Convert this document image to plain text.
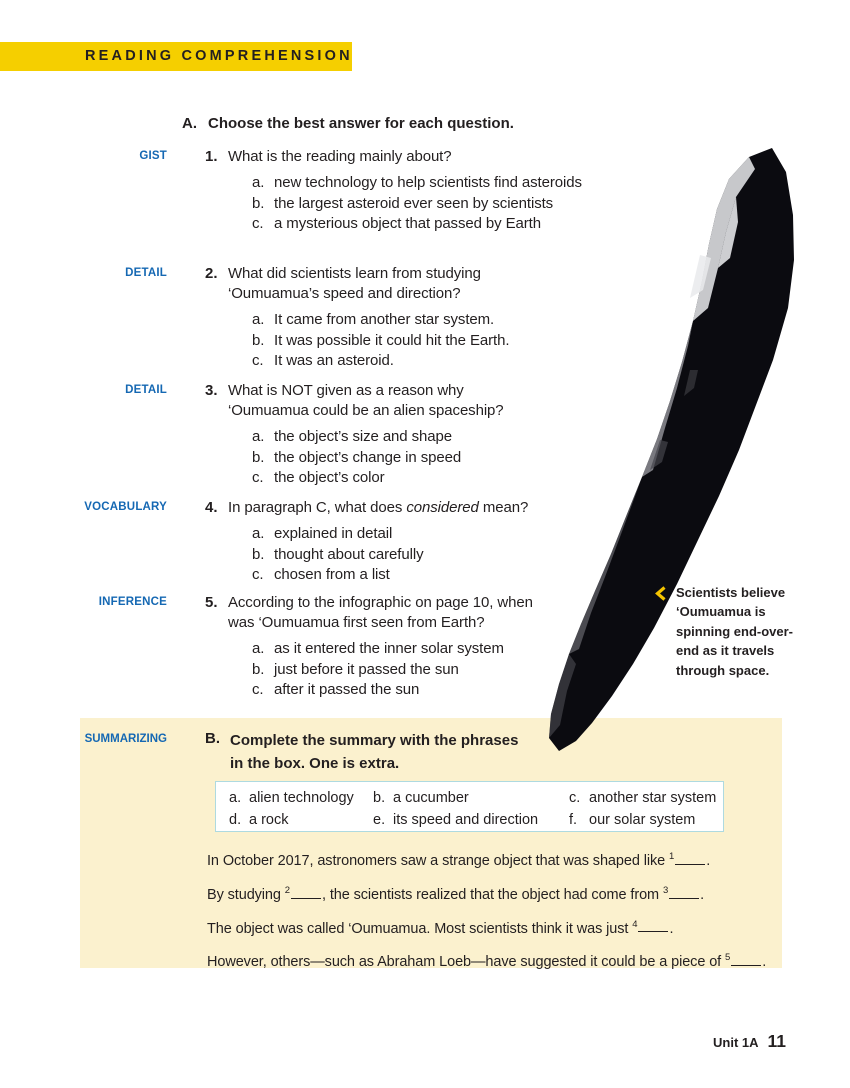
READING COMPREHENSION
A. Choose the best answer for each question.
GIST	1. What is the reading mainly about?
a. new technology to help scientists find asteroids
b. the largest asteroid ever seen by scientists
c. a mysterious object that passed by Earth
DETAIL	2. What did scientists learn from studying ‘Oumuamua’s speed and direction?
a. It came from another star system.
b. It was possible it could hit the Earth.
c. It was an asteroid.
DETAIL	3. What is NOT given as a reason why ‘Oumuamua could be an alien spaceship?
a. the object’s size and shape
b. the object’s change in speed
c. the object’s color
VOCABULARY	4. In paragraph C, what does considered mean?
a. explained in detail
b. thought about carefully
c. chosen from a list
INFERENCE	5. According to the infographic on page 10, when was ‘Oumuamua first seen from Earth?
a. as it entered the inner solar system
b. just before it passed the sun
c. after it passed the sun
Scientists believe ‘Oumuamua is spinning end-over-end as it travels through space.
SUMMARIZING	B. Complete the summary with the phrases
in the box. One is extra.
a. alien technology	b. a cucumber	c. another star system
d. a rock	e. its speed and direction	f. our solar system
In October 2017, astronomers saw a strange object that was shaped like $^1$ .
By studying $^2$ , the scientists realized that the object had come from $^3$ .
The object was called ‘Oumuamua. Most scientists think it was just $^4$ .
However, others—such as Abraham Loeb—have suggested it could be a piece of $^5$ .
Unit 1A 11
